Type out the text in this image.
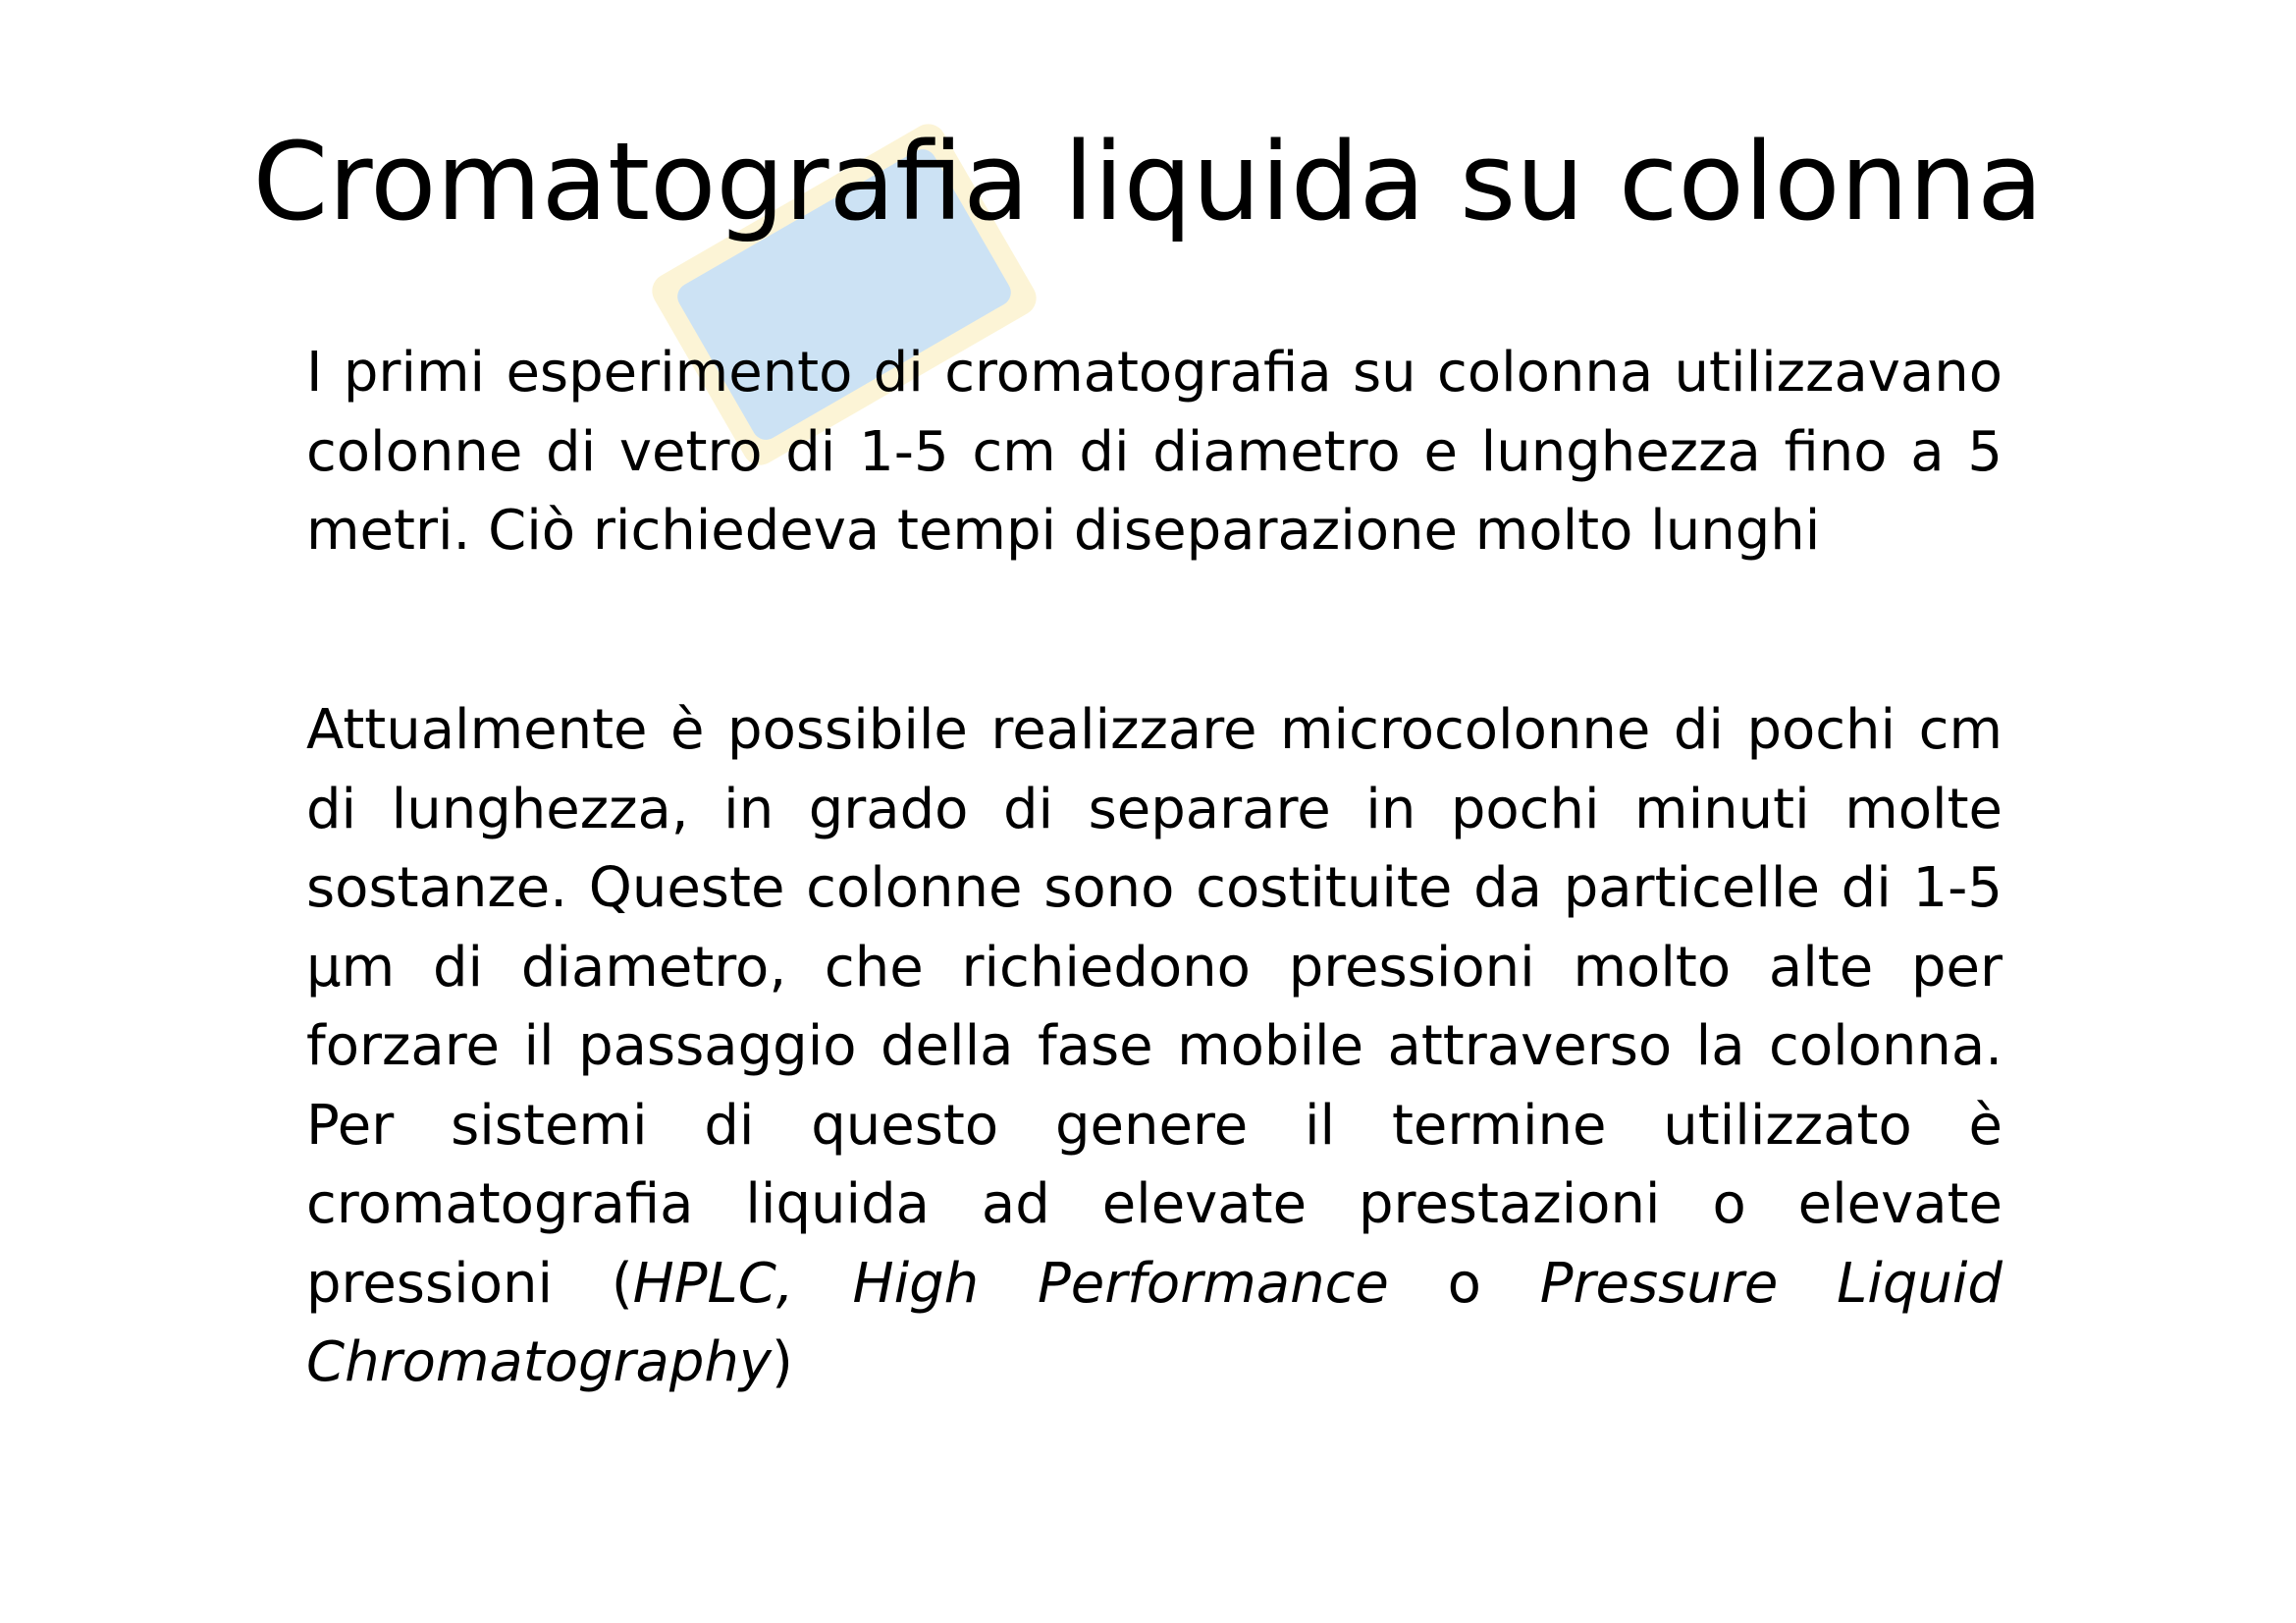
Cromatografia liquida su colonna

I primi esperimento di cromatografia su colonna utilizzavano colonne di vetro di 1-5 cm di diametro e lunghezza fino a 5 metri. Ciò richiedeva tempi diseparazione molto lunghi

Attualmente è possibile realizzare microcolonne di pochi cm di lunghezza, in grado di separare in pochi minuti molte sostanze. Queste colonne sono costituite da particelle di 1-5 μm di diametro, che richiedono pressioni molto alte per forzare il passaggio della fase mobile attraverso la colonna. Per sistemi di questo genere il termine utilizzato è cromatografia liquida ad elevate prestazioni o elevate pressioni (HPLC, High Performance o Pressure Liquid Chromatography)
